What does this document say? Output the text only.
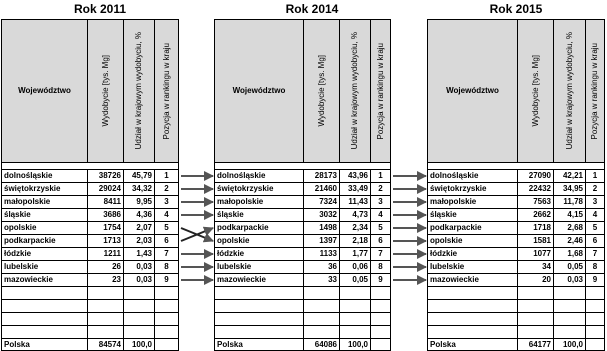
Rok 2011	Rok 2014	Rok 2015
Województwo	Wydobycie [tys. Mg]	Udział w krajowym wydobyciu, %	Pozycja w rankingu w kraju

dolnośląskie	38726	45,79	1
świętokrzyskie	29024	34,32	2
małopolskie	8411	9,95	3
śląskie	3686	4,36	4
opolskie	1754	2,07	5
podkarpackie	1713	2,03	6
łódzkie	1211	1,43	7
lubelskie	26	0,03	8
mazowieckie	23	0,03	9

Polska	84574	100,0	
Województwo	Wydobycie [tys. Mg]	Udział w krajowym wydobyciu, %	Pozycja w rankingu w kraju

dolnośląskie	28173	43,96	1
świętokrzyskie	21460	33,49	2
małopolskie	7324	11,43	3
śląskie	3032	4,73	4
podkarpackie	1498	2,34	5
opolskie	1397	2,18	6
łódzkie	1133	1,77	7
lubelskie	36	0,06	8
mazowieckie	33	0,05	9

Polska	64086	100,0	
Województwo	Wydobycie [tys. Mg]	Udział w krajowym wydobyciu, %	Pozycja w rankingu w kraju

dolnośląskie	27090	42,21	1
świętokrzyskie	22432	34,95	2
małopolskie	7563	11,78	3
śląskie	2662	4,15	4
podkarpackie	1718	2,68	5
opolskie	1581	2,46	6
łódzkie	1077	1,68	7
lubelskie	34	0,05	8
mazowieckie	20	0,03	9

Polska	64177	100,0	
